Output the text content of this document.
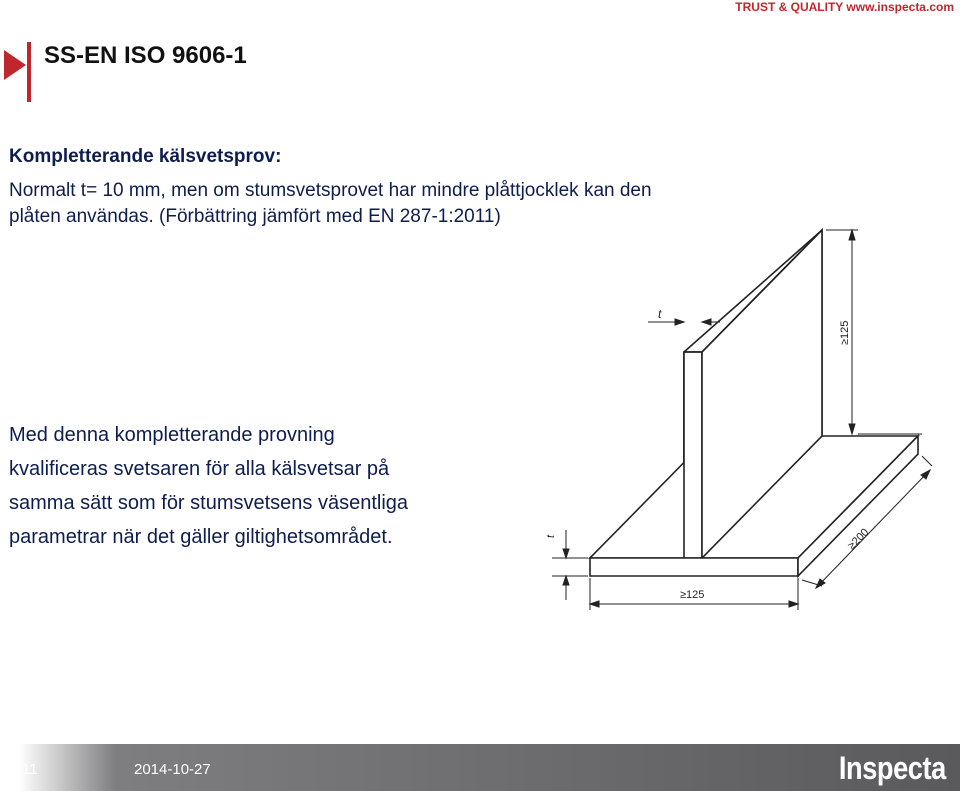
TRUST & QUALITY www.inspecta.com
SS-EN ISO 9606-1
Kompletterande kälsvetsprov:
Normalt t= 10 mm, men om stumsvetsprovet har mindre plåttjocklek kan den
plåten användas. (Förbättring jämfört med EN 287-1:2011)
Med denna kompletterande provning
kvalificeras svetsaren för alla kälsvetsar på
samma sätt som för stumsvetsens väsentliga
parametrar när det gäller giltighetsområdet.
≥125
t
t	≥200
≥125
11	2014-10-27	Inspecta
